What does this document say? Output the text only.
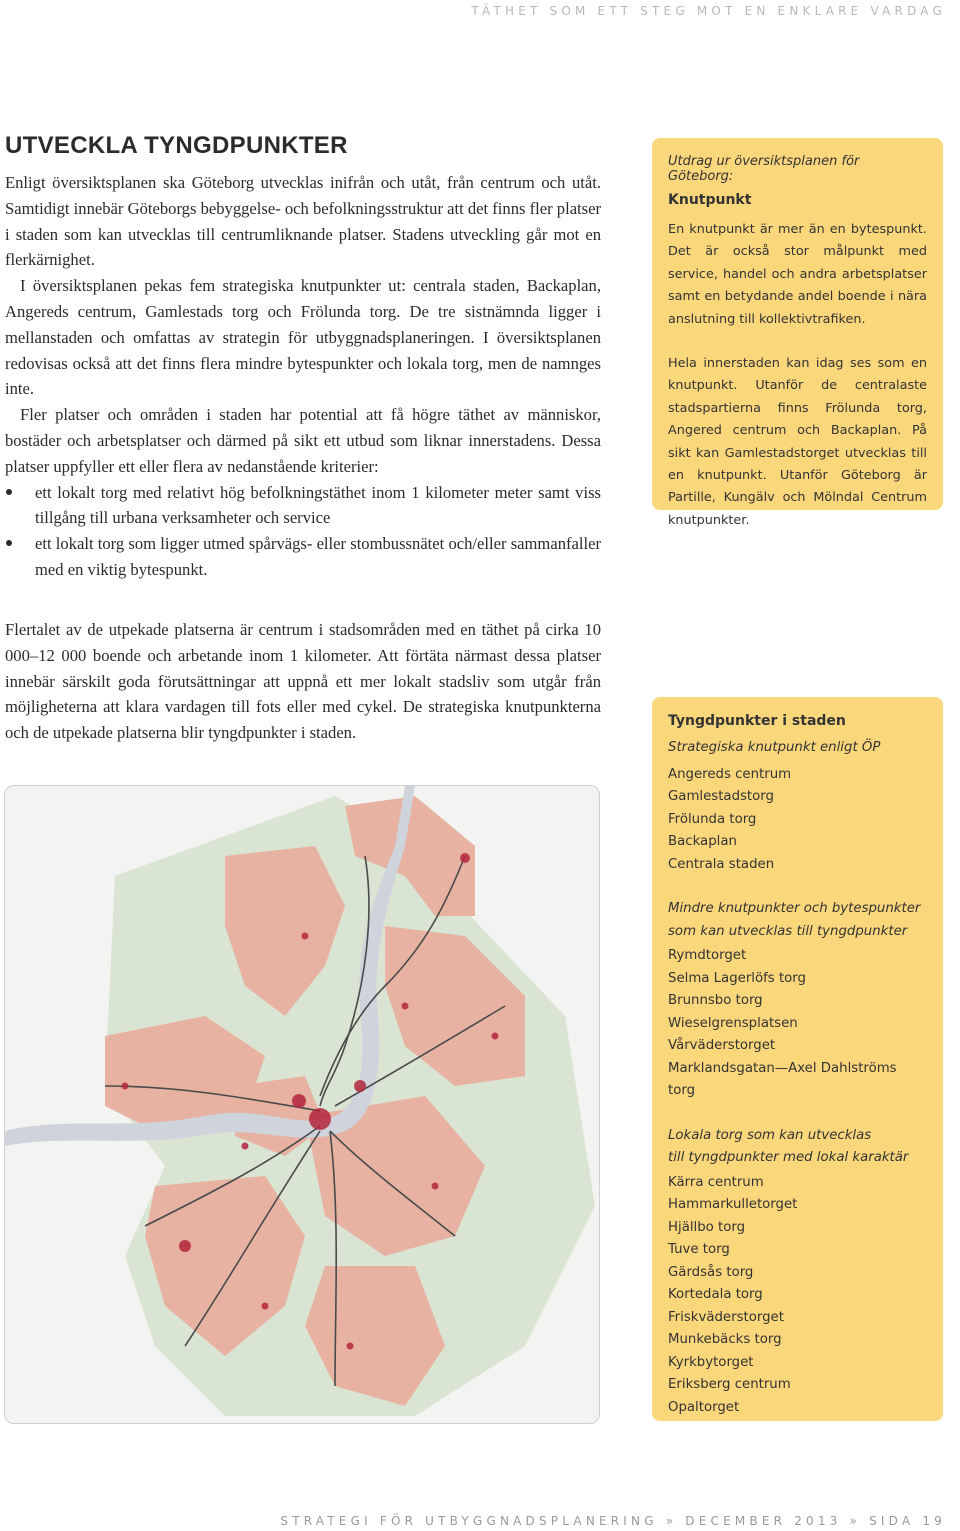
TÄTHET SOM ETT STEG MOT EN ENKLARE VARDAG
UTVECKLA TYNGDPUNKTER

Enligt översiktsplanen ska Göteborg utvecklas inifrån och utåt, från centrum och utåt. Samtidigt innebär Göteborgs bebyggelse- och befolkningsstruktur att det finns fler platser i staden som kan utvecklas till centrumliknande platser. Stadens utveckling går mot en flerkärnighet.

I översiktsplanen pekas fem strategiska knutpunkter ut: centrala staden, Backaplan, Angereds centrum, Gamlestads torg och Frölunda torg. De tre sistnämnda ligger i mellanstaden och omfattas av strategin för utbyggnadsplaneringen. I översiktsplanen redovisas också att det finns flera mindre bytespunkter och lokala torg, men de namnges inte.

Fler platser och områden i staden har potential att få högre täthet av människor, bostäder och arbetsplatser och därmed på sikt ett utbud som liknar innerstadens. Dessa platser uppfyller ett eller flera av nedanstående kriterier:

ett lokalt torg med relativt hög befolkningstäthet inom 1 kilometer meter samt viss tillgång till urbana verksamheter och service
ett lokalt torg som ligger utmed spårvägs- eller stombussnätet och/eller sammanfaller med en viktig bytespunkt.

Flertalet av de utpekade platserna är centrum i stadsområden med en täthet på cirka 10 000–12 000 boende och arbetande inom 1 kilometer. Att förtäta närmast dessa platser innebär särskilt goda förutsättningar att uppnå ett mer lokalt stadsliv som utgår från möjligheterna att klara vardagen till fots eller med cykel. De strategiska knutpunkterna och de utpekade platserna blir tyngdpunkter i staden.

Utdrag ur översiktsplanen för Göteborg:

Knutpunkt

En knutpunkt är mer än en bytespunkt. Det är också stor målpunkt med service, handel och andra arbetsplatser samt en betydande andel boende i nära anslutning till kollektivtrafiken.

Hela innerstaden kan idag ses som en knutpunkt. Utanför de centralaste stadspartierna finns Frölunda torg, Angered centrum och Backaplan. På sikt kan Gamlestadstorget utvecklas till en knutpunkt. Utanför Göteborg är Partille, Kungälv och Mölndal Centrum knutpunkter.

Tyngdpunkter i staden

Strategiska knutpunkt enligt ÖP

Angereds centrum
Gamlestadstorg
Frölunda torg
Backaplan
Centrala staden

Mindre knutpunkter och bytespunkter

som kan utvecklas till tyngdpunkter

Rymdtorget
Selma Lagerlöfs torg
Brunnsbo torg
Wieselgrensplatsen
Vårväderstorget
Marklandsgatan—Axel Dahlströms torg

Lokala torg som kan utvecklas

till tyngdpunkter med lokal karaktär

Kärra centrum
Hammarkulletorget
Hjällbo torg
Tuve torg
Gärdsås torg
Kortedala torg
Friskväderstorget
Munkebäcks torg
Kyrkbytorget
Eriksberg centrum
Opaltorget
STRATEGI FÖR UTBYGGNADSPLANERING » DECEMBER 2013 » SIDA 19
